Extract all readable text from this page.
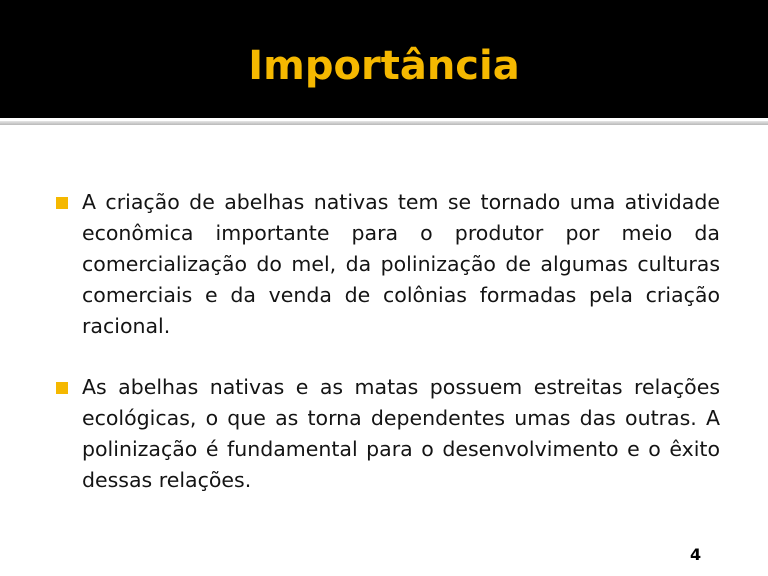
Importância
A criação de abelhas nativas tem se tornado uma atividade econômica importante para o produtor por meio da comercialização do mel, da polinização de algumas culturas comerciais e da venda de colônias formadas pela criação racional.
As abelhas nativas e as matas possuem estreitas relações ecológicas, o que as torna dependentes umas das outras. A polinização é fundamental para o desenvolvimento e o êxito dessas relações.
4
